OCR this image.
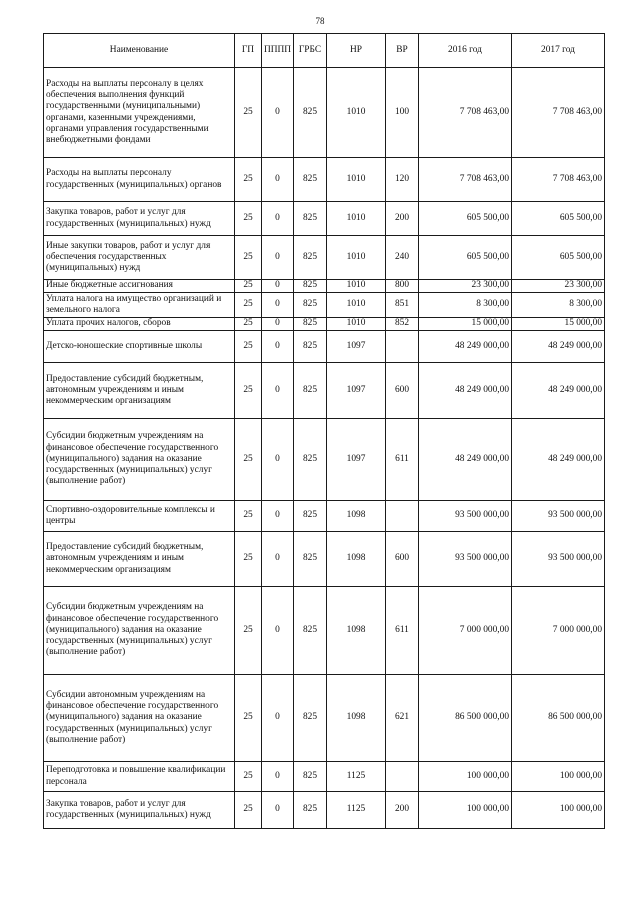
78
Наименование	ГП	ПППП	ГРБС	НР	ВР	2016 год	2017 год
Расходы на выплаты персоналу в целях обеспечения выполнения функций государственными (муниципальными) органами, казенными учреждениями, органами управления государственными внебюджетными фондами	25	0	825	1010	100	7 708 463,00	7 708 463,00
Расходы на выплаты персоналу государственных (муниципальных) органов	25	0	825	1010	120	7 708 463,00	7 708 463,00
Закупка товаров, работ и услуг для государственных (муниципальных) нужд	25	0	825	1010	200	605 500,00	605 500,00
Иные закупки товаров, работ и услуг для обеспечения государственных (муниципальных) нужд	25	0	825	1010	240	605 500,00	605 500,00
Иные бюджетные ассигнования	25	0	825	1010	800	23 300,00	23 300,00
Уплата налога на имущество организаций и земельного налога	25	0	825	1010	851	8 300,00	8 300,00
Уплата прочих налогов, сборов	25	0	825	1010	852	15 000,00	15 000,00
Детско-юношеские спортивные школы	25	0	825	1097		48 249 000,00	48 249 000,00
Предоставление субсидий бюджетным, автономным учреждениям и иным некоммерческим организациям	25	0	825	1097	600	48 249 000,00	48 249 000,00
Субсидии бюджетным учреждениям на финансовое обеспечение государственного (муниципального) задания на оказание государственных (муниципальных) услуг (выполнение работ)	25	0	825	1097	611	48 249 000,00	48 249 000,00
Спортивно-оздоровительные комплексы и центры	25	0	825	1098		93 500 000,00	93 500 000,00
Предоставление субсидий бюджетным, автономным учреждениям и иным некоммерческим организациям	25	0	825	1098	600	93 500 000,00	93 500 000,00
Субсидии бюджетным учреждениям на финансовое обеспечение государственного (муниципального) задания на оказание государственных (муниципальных) услуг (выполнение работ)	25	0	825	1098	611	7 000 000,00	7 000 000,00
Субсидии автономным учреждениям на финансовое обеспечение государственного (муниципального) задания на оказание государственных (муниципальных) услуг (выполнение работ)	25	0	825	1098	621	86 500 000,00	86 500 000,00
Переподготовка и повышение квалификации персонала	25	0	825	1125		100 000,00	100 000,00
Закупка товаров, работ и услуг для государственных (муниципальных) нужд	25	0	825	1125	200	100 000,00	100 000,00
